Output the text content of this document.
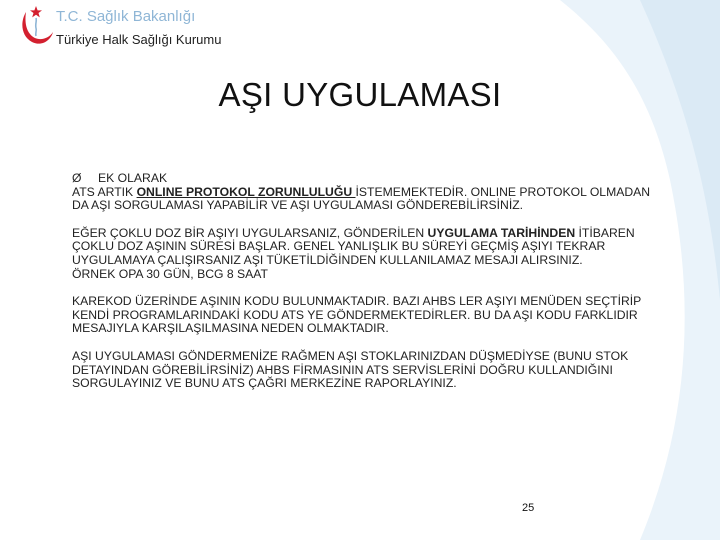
T.C. Sağlık Bakanlığı
Türkiye Halk Sağlığı Kurumu
AŞI UYGULAMASI

Ø EK OLARAK

ATS ARTIK ONLINE PROTOKOL ZORUNLULUĞU İSTEMEMEKTEDİR. ONLINE PROTOKOL OLMADAN DA AŞI SORGULAMASI YAPABİLİR VE AŞI UYGULAMASI GÖNDEREBİLİRSİNİZ.

EĞER ÇOKLU DOZ BİR AŞIYI UYGULARSANIZ, GÖNDERİLEN UYGULAMA TARİHİNDEN İTİBAREN ÇOKLU DOZ AŞININ SÜRESİ BAŞLAR. GENEL YANLIŞLIK BU SÜREYİ GEÇMİŞ AŞIYI TEKRAR UYGULAMAYA ÇALIŞIRSANIZ AŞI TÜKETİLDİĞİNDEN KULLANILAMAZ MESAJI ALIRSINIZ.

ÖRNEK OPA 30 GÜN, BCG 8 SAAT

KAREKOD ÜZERİNDE AŞININ KODU BULUNMAKTADIR. BAZI AHBS LER AŞIYI MENÜDEN SEÇTİRİP KENDİ PROGRAMLARINDAKİ KODU ATS YE GÖNDERMEKTEDİRLER. BU DA AŞI KODU FARKLIDIR MESAJIYLA KARŞILAŞILMASINA NEDEN OLMAKTADIR.

AŞI UYGULAMASI GÖNDERMENİZE RAĞMEN AŞI STOKLARINIZDAN DÜŞMEDİYSE (BUNU STOK DETAYINDAN GÖREBİLİRSİNİZ) AHBS FİRMASININ ATS SERVİSLERİNİ DOĞRU KULLANDIĞINI SORGULAYINIZ VE BUNU ATS ÇAĞRI MERKEZİNE RAPORLAYINIZ.

25
